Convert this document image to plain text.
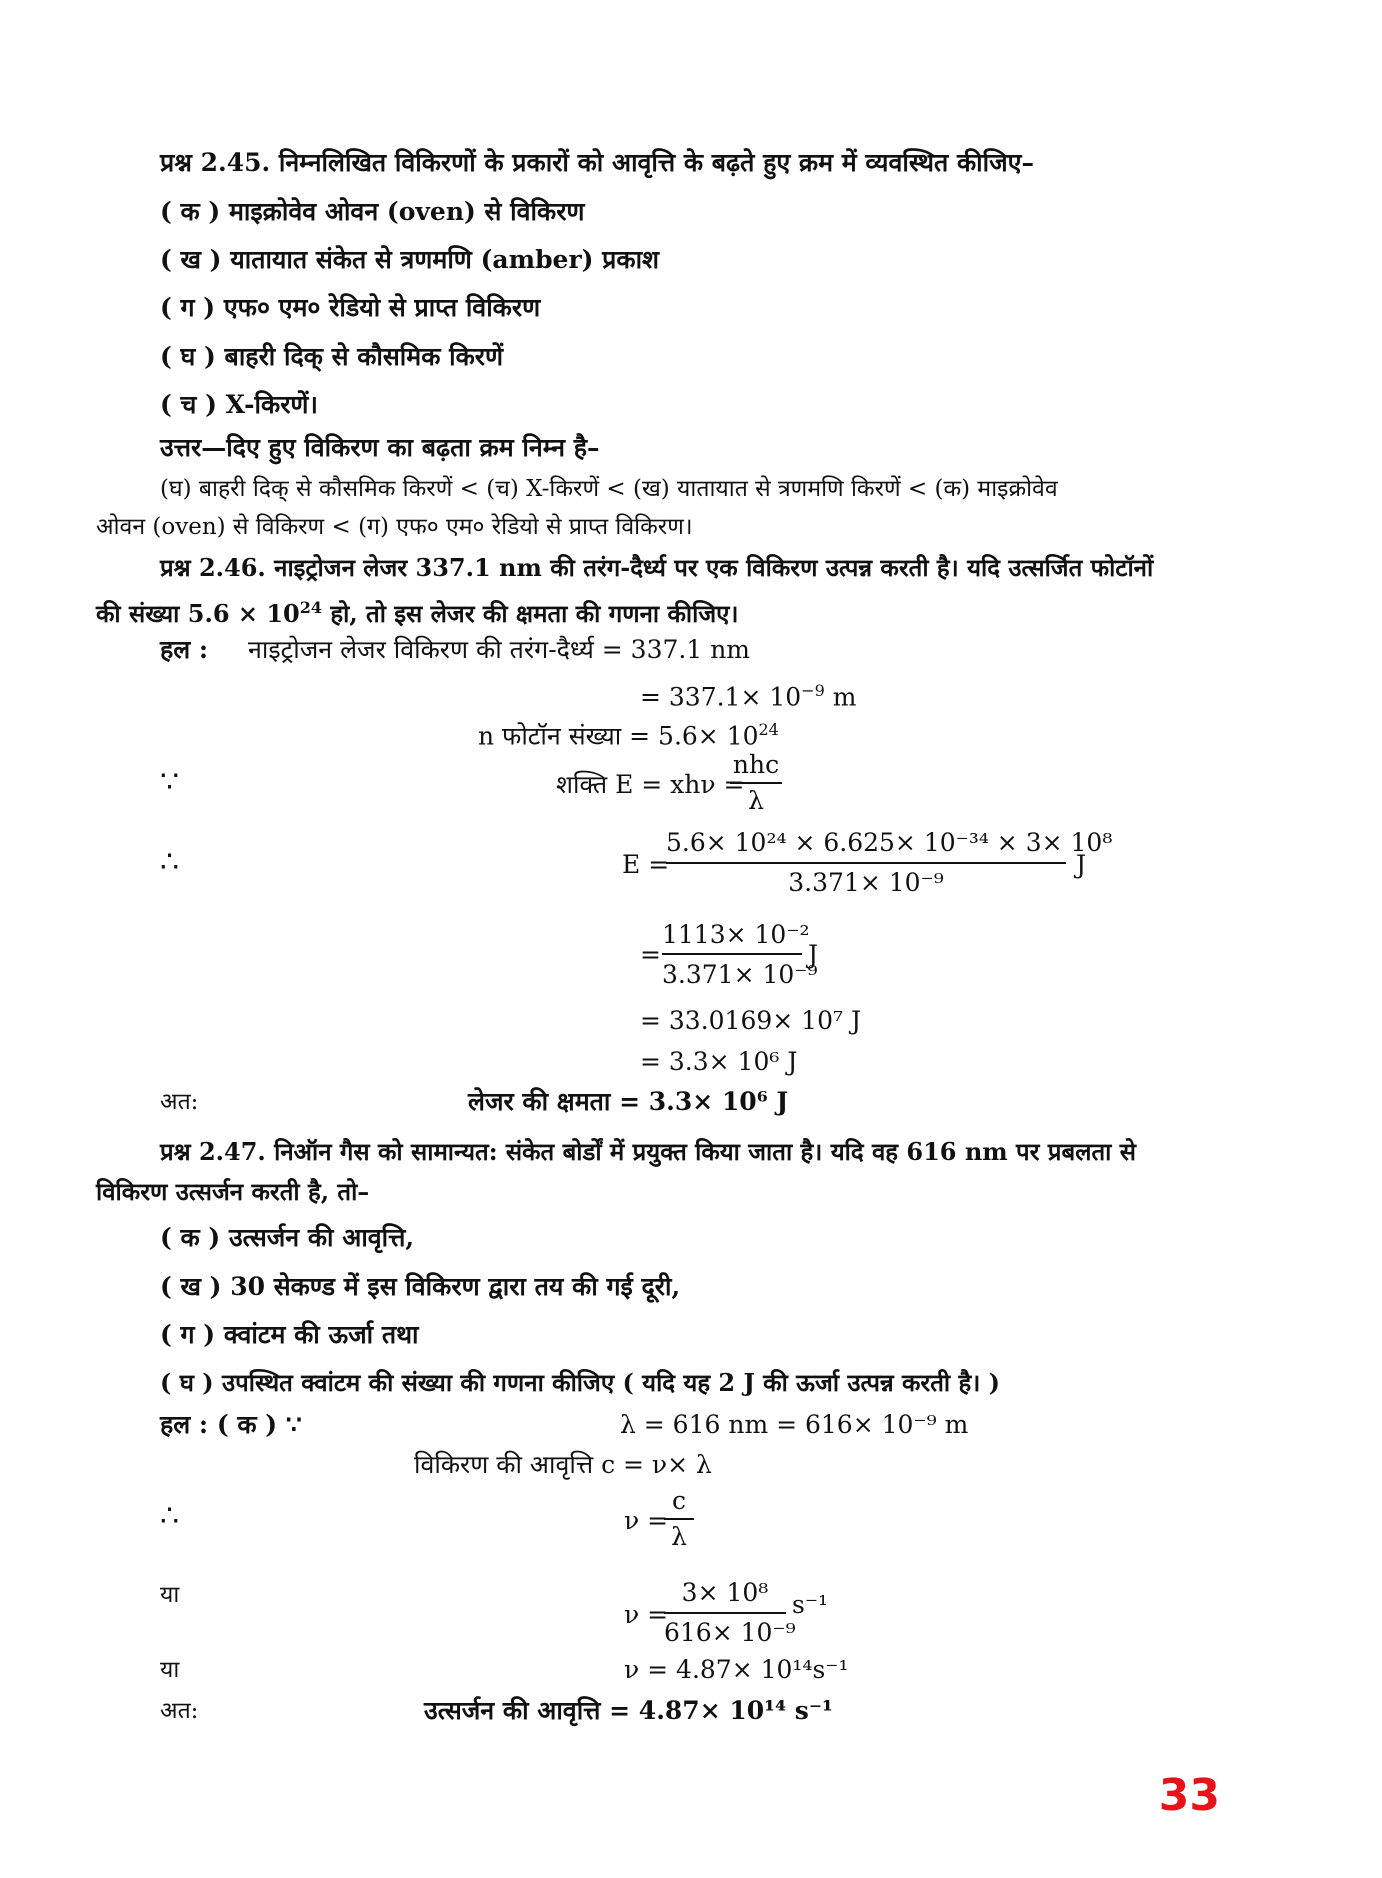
प्रश्न 2.45. निम्नलिखित विकिरणों के प्रकारों को आवृत्ति के बढ़ते हुए क्रम में व्यवस्थित कीजिए–
( क ) माइक्रोवेव ओवन (oven) से विकिरण
( ख ) यातायात संकेत से त्रणमणि (amber) प्रकाश
( ग ) एफ० एम० रेडियो से प्राप्त विकिरण
( घ ) बाहरी दिक् से कौसमिक किरणें
( च ) X-किरणें।
उत्तर—दिए हुए विकिरण का बढ़ता क्रम निम्न है–
(घ) बाहरी दिक् से कौसमिक किरणें < (च) X-किरणें < (ख) यातायात से त्रणमणि किरणें < (क) माइक्रोवेव
ओवन (oven) से विकिरण < (ग) एफ० एम० रेडियो से प्राप्त विकिरण।
प्रश्न 2.46. नाइट्रोजन लेजर 337.1 nm की तरंग-दैर्ध्य पर एक विकिरण उत्पन्न करती है। यदि उत्सर्जित फोटॉनों
की संख्या $5.6 \times 10^{24}$ हो, तो इस लेजर की क्षमता की गणना कीजिए।
हल : नाइट्रोजन लेजर विकिरण की तरंग-दैर्ध्य = 337.1 nm
= $337.1\times 10^{-9}$ m
n फोटॉन संख्या = $5.6\times 10^{24}$
∵	शक्ति E = xhν =
nhc
λ
∴	E =
5.6× 10²⁴ × 6.625× 10⁻³⁴ × 3× 10⁸
3.371× 10⁻⁹
J
=
1113× 10⁻²
3.371× 10⁻⁹
J
= 33.0169× 10⁷ J
= 3.3× 10⁶ J
अत:	लेजर की क्षमता = 3.3× 10⁶ J
प्रश्न 2.47. निऑन गैस को सामान्यत: संकेत बोर्डों में प्रयुक्त किया जाता है। यदि वह 616 nm पर प्रबलता से
विकिरण उत्सर्जन करती है, तो–
( क ) उत्सर्जन की आवृत्ति,
( ख ) 30 सेकण्ड में इस विकिरण द्वारा तय की गई दूरी,
( ग ) क्वांटम की ऊर्जा तथा
( घ ) उपस्थित क्वांटम की संख्या की गणना कीजिए ( यदि यह 2 J की ऊर्जा उत्पन्न करती है। )
हल : ( क ) ∵	λ = 616 nm = 616× 10⁻⁹ m
विकिरण की आवृत्ति c = ν× λ
∴	ν =
c
λ
या
ν =
3× 10⁸
616× 10⁻⁹
s⁻¹
या	ν = 4.87× 10¹⁴s⁻¹
अत:	उत्सर्जन की आवृत्ति = 4.87× 10¹⁴ s⁻¹
33
